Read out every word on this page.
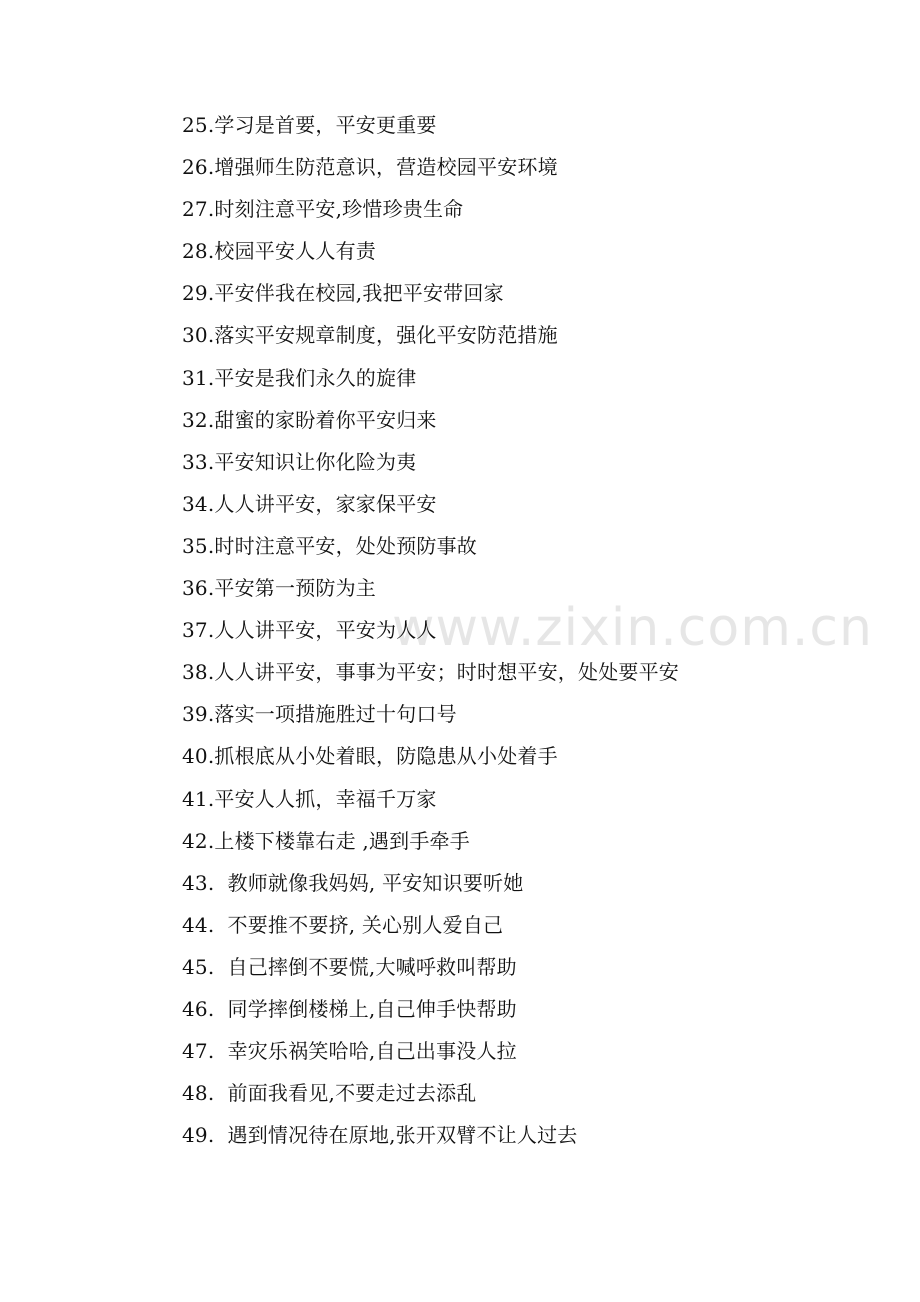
www.zixin.com.cn
25.学习是首要，平安更重要
26.增强师生防范意识，营造校园平安环境
27.时刻注意平安,珍惜珍贵生命
28.校园平安人人有责
29.平安伴我在校园,我把平安带回家
30.落实平安规章制度，强化平安防范措施
31.平安是我们永久的旋律
32.甜蜜的家盼着你平安归来
33.平安知识让你化险为夷
34.人人讲平安，家家保平安
35.时时注意平安，处处预防事故
36.平安第一预防为主
37.人人讲平安，平安为人人
38.人人讲平安，事事为平安；时时想平安，处处要平安
39.落实一项措施胜过十句口号
40.抓根底从小处着眼，防隐患从小处着手
41.平安人人抓，幸福千万家
42.上楼下楼靠右走 ,遇到手牵手
43.  教师就像我妈妈, 平安知识要听她
44.  不要推不要挤, 关心别人爱自己
45.  自己摔倒不要慌,大喊呼救叫帮助
46.  同学摔倒楼梯上,自己伸手快帮助
47.  幸灾乐祸笑哈哈,自己出事没人拉
48.  前面我看见,不要走过去添乱
49.  遇到情况待在原地,张开双臂不让人过去
